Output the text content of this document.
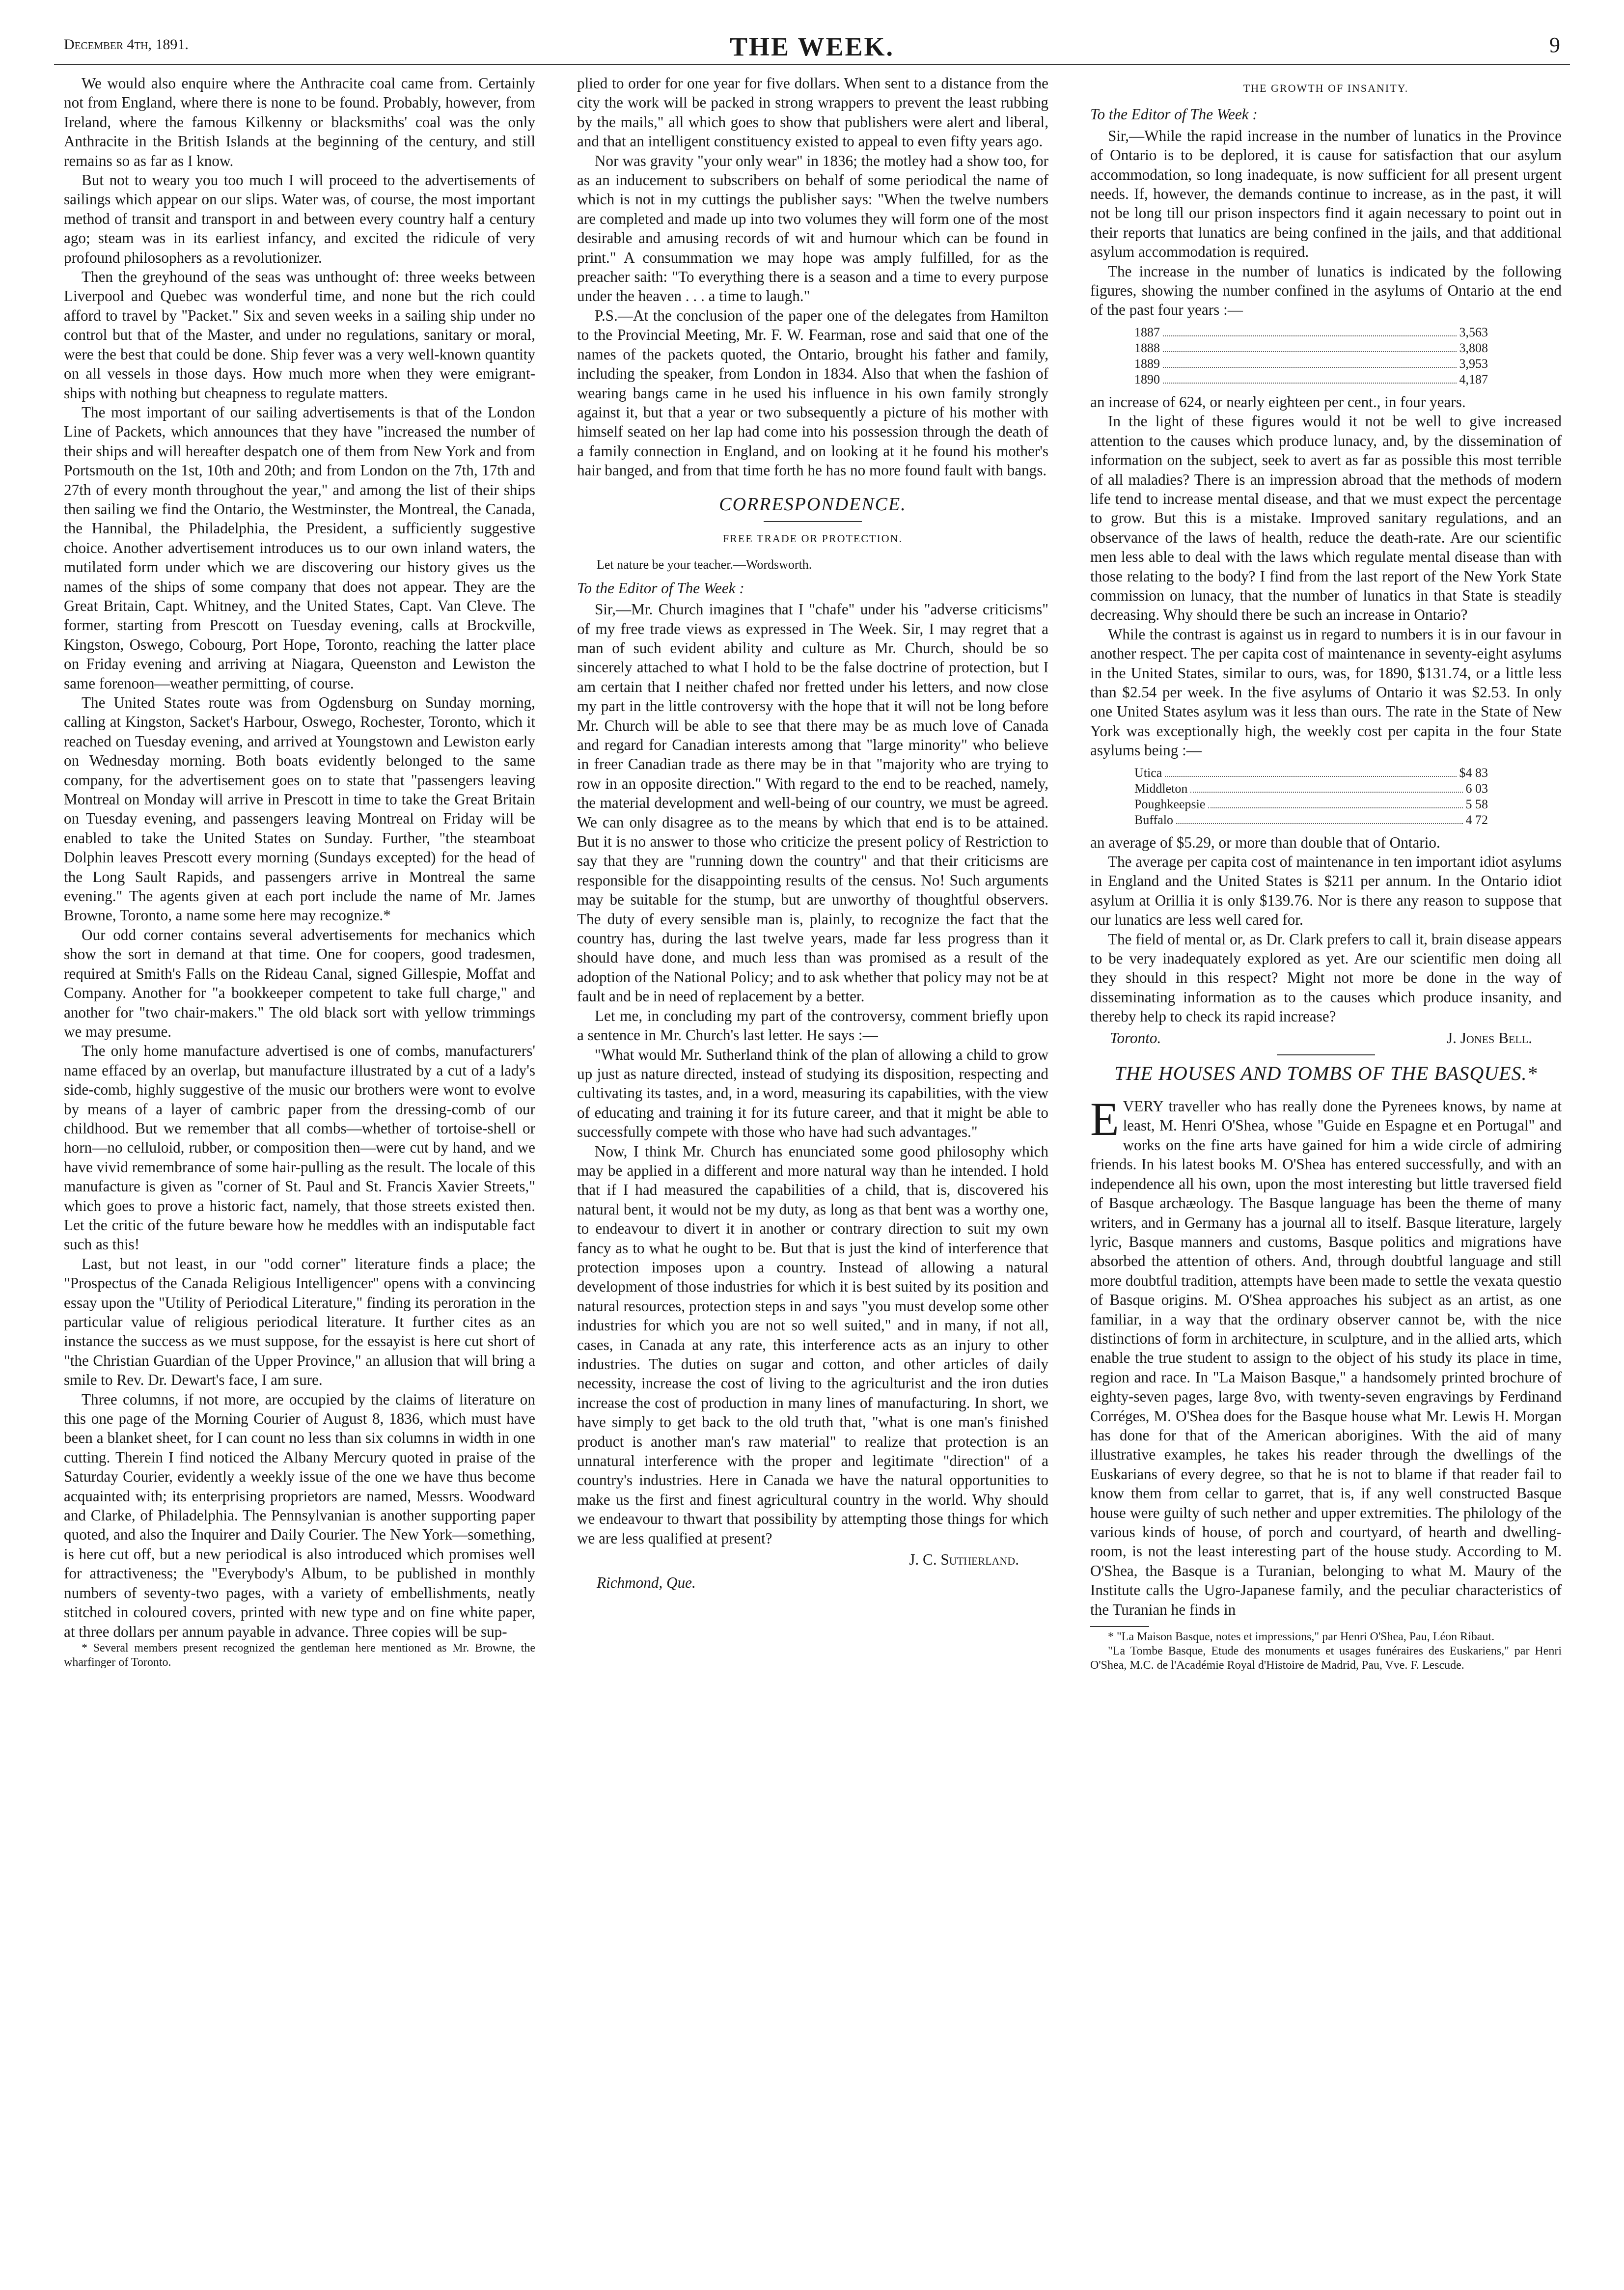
December 4th, 1891.	THE WEEK.	9

We would also enquire where the Anthracite coal came from. Certainly not from England, where there is none to be found. Probably, however, from Ireland, where the famous Kilkenny or blacksmiths' coal was the only Anthracite in the British Islands at the beginning of the century, and still remains so as far as I know.

But not to weary you too much I will proceed to the advertisements of sailings which appear on our slips. Water was, of course, the most important method of transit and transport in and between every country half a century ago; steam was in its earliest infancy, and excited the ridicule of very profound philosophers as a revolutionizer.

Then the greyhound of the seas was unthought of: three weeks between Liverpool and Quebec was wonderful time, and none but the rich could afford to travel by "Packet." Six and seven weeks in a sailing ship under no control but that of the Master, and under no regulations, sanitary or moral, were the best that could be done. Ship fever was a very well-known quantity on all vessels in those days. How much more when they were emigrant-ships with nothing but cheapness to regulate matters.

The most important of our sailing advertisements is that of the London Line of Packets, which announces that they have "increased the number of their ships and will hereafter despatch one of them from New York and from Portsmouth on the 1st, 10th and 20th; and from London on the 7th, 17th and 27th of every month throughout the year," and among the list of their ships then sailing we find the Ontario, the Westminster, the Montreal, the Canada, the Hannibal, the Philadelphia, the President, a sufficiently suggestive choice. Another advertisement introduces us to our own inland waters, the mutilated form under which we are discovering our history gives us the names of the ships of some company that does not appear. They are the Great Britain, Capt. Whitney, and the United States, Capt. Van Cleve. The former, starting from Prescott on Tuesday evening, calls at Brockville, Kingston, Oswego, Cobourg, Port Hope, Toronto, reaching the latter place on Friday evening and arriving at Niagara, Queenston and Lewiston the same forenoon—weather permitting, of course.

The United States route was from Ogdensburg on Sunday morning, calling at Kingston, Sacket's Harbour, Oswego, Rochester, Toronto, which it reached on Tuesday evening, and arrived at Youngstown and Lewiston early on Wednesday morning. Both boats evidently belonged to the same company, for the advertisement goes on to state that "passengers leaving Montreal on Monday will arrive in Prescott in time to take the Great Britain on Tuesday evening, and passengers leaving Montreal on Friday will be enabled to take the United States on Sunday. Further, "the steamboat Dolphin leaves Prescott every morning (Sundays excepted) for the head of the Long Sault Rapids, and passengers arrive in Montreal the same evening." The agents given at each port include the name of Mr. James Browne, Toronto, a name some here may recognize.*

Our odd corner contains several advertisements for mechanics which show the sort in demand at that time. One for coopers, good tradesmen, required at Smith's Falls on the Rideau Canal, signed Gillespie, Moffat and Company. Another for "a bookkeeper competent to take full charge," and another for "two chair-makers." The old black sort with yellow trimmings we may presume.

The only home manufacture advertised is one of combs, manufacturers' name effaced by an overlap, but manufacture illustrated by a cut of a lady's side-comb, highly suggestive of the music our brothers were wont to evolve by means of a layer of cambric paper from the dressing-comb of our childhood. But we remember that all combs—whether of tortoise-shell or horn—no celluloid, rubber, or composition then—were cut by hand, and we have vivid remembrance of some hair-pulling as the result. The locale of this manufacture is given as "corner of St. Paul and St. Francis Xavier Streets," which goes to prove a historic fact, namely, that those streets existed then. Let the critic of the future beware how he meddles with an indisputable fact such as this!

Last, but not least, in our "odd corner" literature finds a place; the "Prospectus of the Canada Religious Intelligencer" opens with a convincing essay upon the "Utility of Periodical Literature," finding its peroration in the particular value of religious periodical literature. It further cites as an instance the success as we must suppose, for the essayist is here cut short of "the Christian Guardian of the Upper Province," an allusion that will bring a smile to Rev. Dr. Dewart's face, I am sure.

Three columns, if not more, are occupied by the claims of literature on this one page of the Morning Courier of August 8, 1836, which must have been a blanket sheet, for I can count no less than six columns in width in one cutting. Therein I find noticed the Albany Mercury quoted in praise of the Saturday Courier, evidently a weekly issue of the one we have thus become acquainted with; its enterprising proprietors are named, Messrs. Woodward and Clarke, of Philadelphia. The Pennsylvanian is another supporting paper quoted, and also the Inquirer and Daily Courier. The New York—something, is here cut off, but a new periodical is also introduced which promises well for attractiveness; the "Everybody's Album, to be published in monthly numbers of seventy-two pages, with a variety of embellishments, neatly stitched in coloured covers, printed with new type and on fine white paper, at three dollars per annum payable in advance. Three copies will be sup-

* Several members present recognized the gentleman here mentioned as Mr. Browne, the wharfinger of Toronto.

plied to order for one year for five dollars. When sent to a distance from the city the work will be packed in strong wrappers to prevent the least rubbing by the mails," all which goes to show that publishers were alert and liberal, and that an intelligent constituency existed to appeal to even fifty years ago.

Nor was gravity "your only wear" in 1836; the motley had a show too, for as an inducement to subscribers on behalf of some periodical the name of which is not in my cuttings the publisher says: "When the twelve numbers are completed and made up into two volumes they will form one of the most desirable and amusing records of wit and humour which can be found in print." A consummation we may hope was amply fulfilled, for as the preacher saith: "To everything there is a season and a time to every purpose under the heaven . . . a time to laugh."

P.S.—At the conclusion of the paper one of the delegates from Hamilton to the Provincial Meeting, Mr. F. W. Fearman, rose and said that one of the names of the packets quoted, the Ontario, brought his father and family, including the speaker, from London in 1834. Also that when the fashion of wearing bangs came in he used his influence in his own family strongly against it, but that a year or two subsequently a picture of his mother with himself seated on her lap had come into his possession through the death of a family connection in England, and on looking at it he found his mother's hair banged, and from that time forth he has no more found fault with bangs.

CORRESPONDENCE.
FREE TRADE OR PROTECTION.
Let nature be your teacher.—Wordsworth.
To the Editor of The Week :

Sir,—Mr. Church imagines that I "chafe" under his "adverse criticisms" of my free trade views as expressed in The Week. Sir, I may regret that a man of such evident ability and culture as Mr. Church, should be so sincerely attached to what I hold to be the false doctrine of protection, but I am certain that I neither chafed nor fretted under his letters, and now close my part in the little controversy with the hope that it will not be long before Mr. Church will be able to see that there may be as much love of Canada and regard for Canadian interests among that "large minority" who believe in freer Canadian trade as there may be in that "majority who are trying to row in an opposite direction." With regard to the end to be reached, namely, the material development and well-being of our country, we must be agreed. We can only disagree as to the means by which that end is to be attained. But it is no answer to those who criticize the present policy of Restriction to say that they are "running down the country" and that their criticisms are responsible for the disappointing results of the census. No! Such arguments may be suitable for the stump, but are unworthy of thoughtful observers. The duty of every sensible man is, plainly, to recognize the fact that the country has, during the last twelve years, made far less progress than it should have done, and much less than was promised as a result of the adoption of the National Policy; and to ask whether that policy may not be at fault and be in need of replacement by a better.

Let me, in concluding my part of the controversy, comment briefly upon a sentence in Mr. Church's last letter. He says :—

"What would Mr. Sutherland think of the plan of allowing a child to grow up just as nature directed, instead of studying its disposition, respecting and cultivating its tastes, and, in a word, measuring its capabilities, with the view of educating and training it for its future career, and that it might be able to successfully compete with those who have had such advantages."

Now, I think Mr. Church has enunciated some good philosophy which may be applied in a different and more natural way than he intended. I hold that if I had measured the capabilities of a child, that is, discovered his natural bent, it would not be my duty, as long as that bent was a worthy one, to endeavour to divert it in another or contrary direction to suit my own fancy as to what he ought to be. But that is just the kind of interference that protection imposes upon a country. Instead of allowing a natural development of those industries for which it is best suited by its position and natural resources, protection steps in and says "you must develop some other industries for which you are not so well suited," and in many, if not all, cases, in Canada at any rate, this interference acts as an injury to other industries. The duties on sugar and cotton, and other articles of daily necessity, increase the cost of living to the agriculturist and the iron duties increase the cost of production in many lines of manufacturing. In short, we have simply to get back to the old truth that, "what is one man's finished product is another man's raw material" to realize that protection is an unnatural interference with the proper and legitimate "direction" of a country's industries. Here in Canada we have the natural opportunities to make us the first and finest agricultural country in the world. Why should we endeavour to thwart that possibility by attempting those things for which we are less qualified at present?

J. C. Sutherland.
Richmond, Que.
THE GROWTH OF INSANITY.
To the Editor of The Week :

Sir,—While the rapid increase in the number of lunatics in the Province of Ontario is to be deplored, it is cause for satisfaction that our asylum accommodation, so long inadequate, is now sufficient for all present urgent needs. If, however, the demands continue to increase, as in the past, it will not be long till our prison inspectors find it again necessary to point out in their reports that lunatics are being confined in the jails, and that additional asylum accommodation is required.

The increase in the number of lunatics is indicated by the following figures, showing the number confined in the asylums of Ontario at the end of the past four years :—

1887	3,563
1888	3,808
1889	3,953
1890	4,187

an increase of 624, or nearly eighteen per cent., in four years.

In the light of these figures would it not be well to give increased attention to the causes which produce lunacy, and, by the dissemination of information on the subject, seek to avert as far as possible this most terrible of all maladies? There is an impression abroad that the methods of modern life tend to increase mental disease, and that we must expect the percentage to grow. But this is a mistake. Improved sanitary regulations, and an observance of the laws of health, reduce the death-rate. Are our scientific men less able to deal with the laws which regulate mental disease than with those relating to the body? I find from the last report of the New York State commission on lunacy, that the number of lunatics in that State is steadily decreasing. Why should there be such an increase in Ontario?

While the contrast is against us in regard to numbers it is in our favour in another respect. The per capita cost of maintenance in seventy-eight asylums in the United States, similar to ours, was, for 1890, $131.74, or a little less than $2.54 per week. In the five asylums of Ontario it was $2.53. In only one United States asylum was it less than ours. The rate in the State of New York was exceptionally high, the weekly cost per capita in the four State asylums being :—

Utica	$4 83
Middleton	6 03
Poughkeepsie	5 58
Buffalo	4 72

an average of $5.29, or more than double that of Ontario.

The average per capita cost of maintenance in ten important idiot asylums in England and the United States is $211 per annum. In the Ontario idiot asylum at Orillia it is only $139.76. Nor is there any reason to suppose that our lunatics are less well cared for.

The field of mental or, as Dr. Clark prefers to call it, brain disease appears to be very inadequately explored as yet. Are our scientific men doing all they should in this respect? Might not more be done in the way of disseminating information as to the causes which produce insanity, and thereby help to check its rapid increase?

Toronto.	J. Jones Bell.
THE HOUSES AND TOMBS OF THE BASQUES.*

EVERY traveller who has really done the Pyrenees knows, by name at least, M. Henri O'Shea, whose "Guide en Espagne et en Portugal" and works on the fine arts have gained for him a wide circle of admiring friends. In his latest books M. O'Shea has entered successfully, and with an independence all his own, upon the most interesting but little traversed field of Basque archæology. The Basque language has been the theme of many writers, and in Germany has a journal all to itself. Basque literature, largely lyric, Basque manners and customs, Basque politics and migrations have absorbed the attention of others. And, through doubtful language and still more doubtful tradition, attempts have been made to settle the vexata questio of Basque origins. M. O'Shea approaches his subject as an artist, as one familiar, in a way that the ordinary observer cannot be, with the nice distinctions of form in architecture, in sculpture, and in the allied arts, which enable the true student to assign to the object of his study its place in time, region and race. In "La Maison Basque," a handsomely printed brochure of eighty-seven pages, large 8vo, with twenty-seven engravings by Ferdinand Corréges, M. O'Shea does for the Basque house what Mr. Lewis H. Morgan has done for that of the American aborigines. With the aid of many illustrative examples, he takes his reader through the dwellings of the Euskarians of every degree, so that he is not to blame if that reader fail to know them from cellar to garret, that is, if any well constructed Basque house were guilty of such nether and upper extremities. The philology of the various kinds of house, of porch and courtyard, of hearth and dwelling-room, is not the least interesting part of the house study. According to M. O'Shea, the Basque is a Turanian, belonging to what M. Maury of the Institute calls the Ugro-Japanese family, and the peculiar characteristics of the Turanian he finds in

* "La Maison Basque, notes et impressions," par Henri O'Shea, Pau, Léon Ribaut.

"La Tombe Basque, Etude des monuments et usages funéraires des Euskariens," par Henri O'Shea, M.C. de l'Académie Royal d'Histoire de Madrid, Pau, Vve. F. Lescude.
